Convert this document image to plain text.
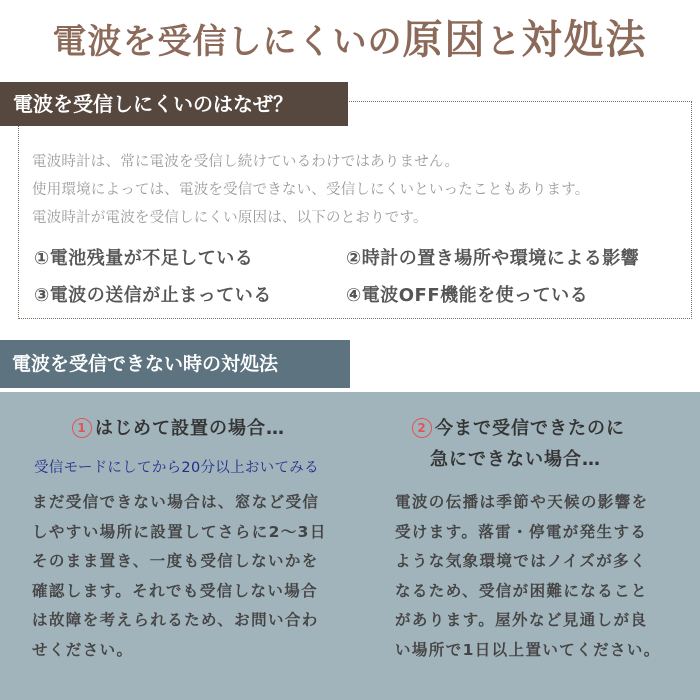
電波を受信しにくいの原因と対処法
電波を受信しにくいのはなぜ？
電波時計は、常に電波を受信し続けているわけではありません。
使用環境によっては、電波を受信できない、受信しにくいといったこともあります。
電波時計が電波を受信しにくい原因は、以下のとおりです。
①電池残量が不足している	②時計の置き場所や環境による影響
③電波の送信が止まっている	④電波OFF機能を使っている
電波を受信できない時の対処法
1 はじめて設置の場合…
受信モードにしてから20分以上おいてみる
まだ受信できない場合は、窓など受信
しやすい場所に設置してさらに2〜3日
そのまま置き、一度も受信しないかを
確認します。それでも受信しない場合
は故障を考えられるため、お問い合わ
せください。
2 今まで受信できたのに
急にできない場合…
電波の伝播は季節や天候の影響を
受けます。落雷・停電が発生する
ような気象環境ではノイズが多く
なるため、受信が困難になること
があります。屋外など見通しが良
い場所で1日以上置いてください。
